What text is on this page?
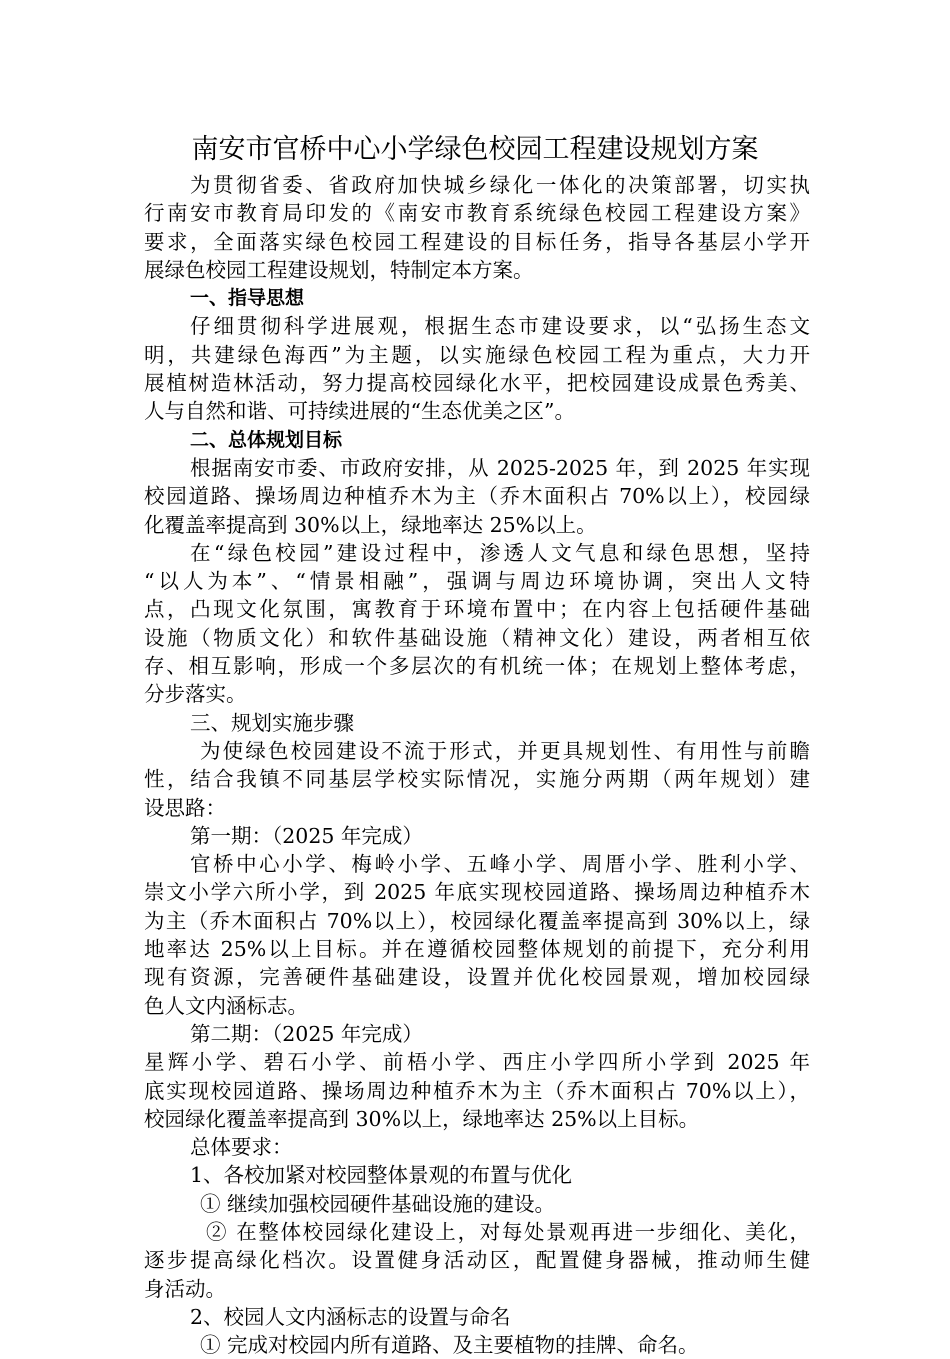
南安市官桥中心小学绿色校园工程建设规划方案
为贯彻省委、省政府加快城乡绿化一体化的决策部署，切实执
行南安市教育局印发的《南安市教育系统绿色校园工程建设方案》
要求，全面落实绿色校园工程建设的目标任务，指导各基层小学开
展绿色校园工程建设规划，特制定本方案。
一、指导思想
仔细贯彻科学进展观，根据生态市建设要求，以“弘扬生态文
明，共建绿色海西”为主题，以实施绿色校园工程为重点，大力开
展植树造林活动，努力提高校园绿化水平，把校园建设成景色秀美、
人与自然和谐、可持续进展的“生态优美之区”。
二、总体规划目标
根据南安市委、市政府安排，从 2025-2025 年，到 2025 年实现
校园道路、操场周边种植乔木为主（乔木面积占 70%以上），校园绿
化覆盖率提高到 30%以上，绿地率达 25%以上。
在“绿色校园”建设过程中，渗透人文气息和绿色思想，坚持
“以人为本”、“情景相融”，强调与周边环境协调，突出人文特
点，凸现文化氛围，寓教育于环境布置中；在内容上包括硬件基础
设施（物质文化）和软件基础设施（精神文化）建设，两者相互依
存、相互影响，形成一个多层次的有机统一体；在规划上整体考虑，
分步落实。
三、规划实施步骤
为使绿色校园建设不流于形式，并更具规划性、有用性与前瞻
性，结合我镇不同基层学校实际情况，实施分两期（两年规划）建
设思路：
第一期：（2025 年完成）
官桥中心小学、梅岭小学、五峰小学、周厝小学、胜利小学、
崇文小学六所小学，到 2025 年底实现校园道路、操场周边种植乔木
为主（乔木面积占 70%以上），校园绿化覆盖率提高到 30%以上，绿
地率达 25%以上目标。并在遵循校园整体规划的前提下，充分利用
现有资源，完善硬件基础建设，设置并优化校园景观，增加校园绿
色人文内涵标志。
第二期：（2025 年完成）
星辉小学、碧石小学、前梧小学、西庄小学四所小学到 2025 年
底实现校园道路、操场周边种植乔木为主（乔木面积占 70%以上），
校园绿化覆盖率提高到 30%以上，绿地率达 25%以上目标。
总体要求：
1、各校加紧对校园整体景观的布置与优化
① 继续加强校园硬件基础设施的建设。
② 在整体校园绿化建设上，对每处景观再进一步细化、美化，
逐步提高绿化档次。设置健身活动区，配置健身器械，推动师生健
身活动。
2、校园人文内涵标志的设置与命名
① 完成对校园内所有道路、及主要植物的挂牌、命名。
